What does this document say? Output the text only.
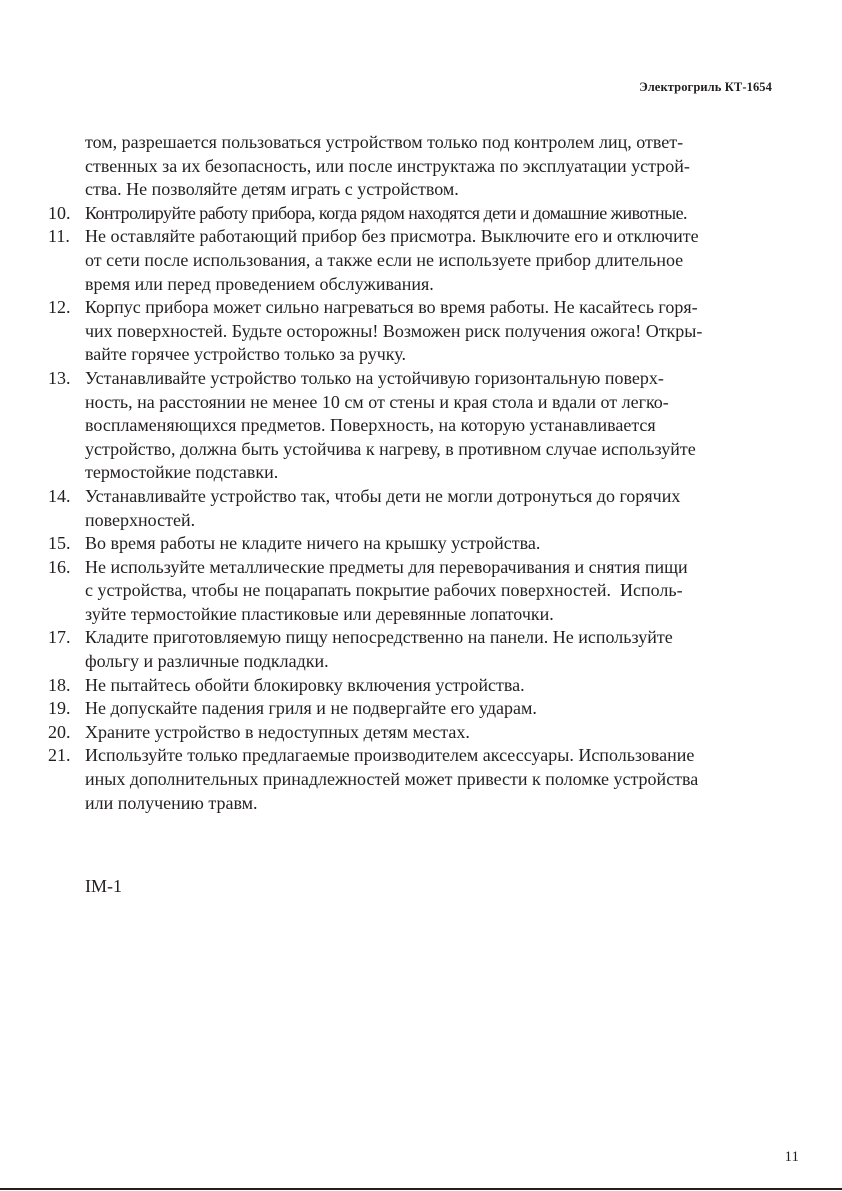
Электрогриль КТ-1654
том, разрешается пользоваться устройством только под контролем лиц, ответ-
ственных за их безопасность, или после инструктажа по эксплуатации устрой-
ства. Не позволяйте детям играть с устройством.
10. Контролируйте работу прибора, когда рядом находятся дети и домашние животные.
11. Не оставляйте работающий прибор без присмотра. Выключите его и отключите
от сети после использования, а также если не используете прибор длительное
время или перед проведением обслуживания.
12. Корпус прибора может сильно нагреваться во время работы. Не касайтесь горя-
чих поверхностей. Будьте осторожны! Возможен риск получения ожога! Откры-
вайте горячее устройство только за ручку.
13. Устанавливайте устройство только на устойчивую горизонтальную поверх-
ность, на расстоянии не менее 10 см от стены и края стола и вдали от легко-
воспламеняющихся предметов. Поверхность, на которую устанавливается
устройство, должна быть устойчива к нагреву, в противном случае используйте
термостойкие подставки.
14. Устанавливайте устройство так, чтобы дети не могли дотронуться до горячих
поверхностей.
15. Во время работы не кладите ничего на крышку устройства.
16. Не используйте металлические предметы для переворачивания и снятия пищи
с устройства, чтобы не поцарапать покрытие рабочих поверхностей.  Исполь-
зуйте термостойкие пластиковые или деревянные лопаточки.
17. Кладите приготовляемую пищу непосредственно на панели. Не используйте
фольгу и различные подкладки.
18. Не пытайтесь обойти блокировку включения устройства.
19. Не допускайте падения гриля и не подвергайте его ударам.
20. Храните устройство в недоступных детям местах.
21. Используйте только предлагаемые производителем аксессуары. Использование
иных дополнительных принадлежностей может привести к поломке устройства
или получению травм.
IM-1
11
